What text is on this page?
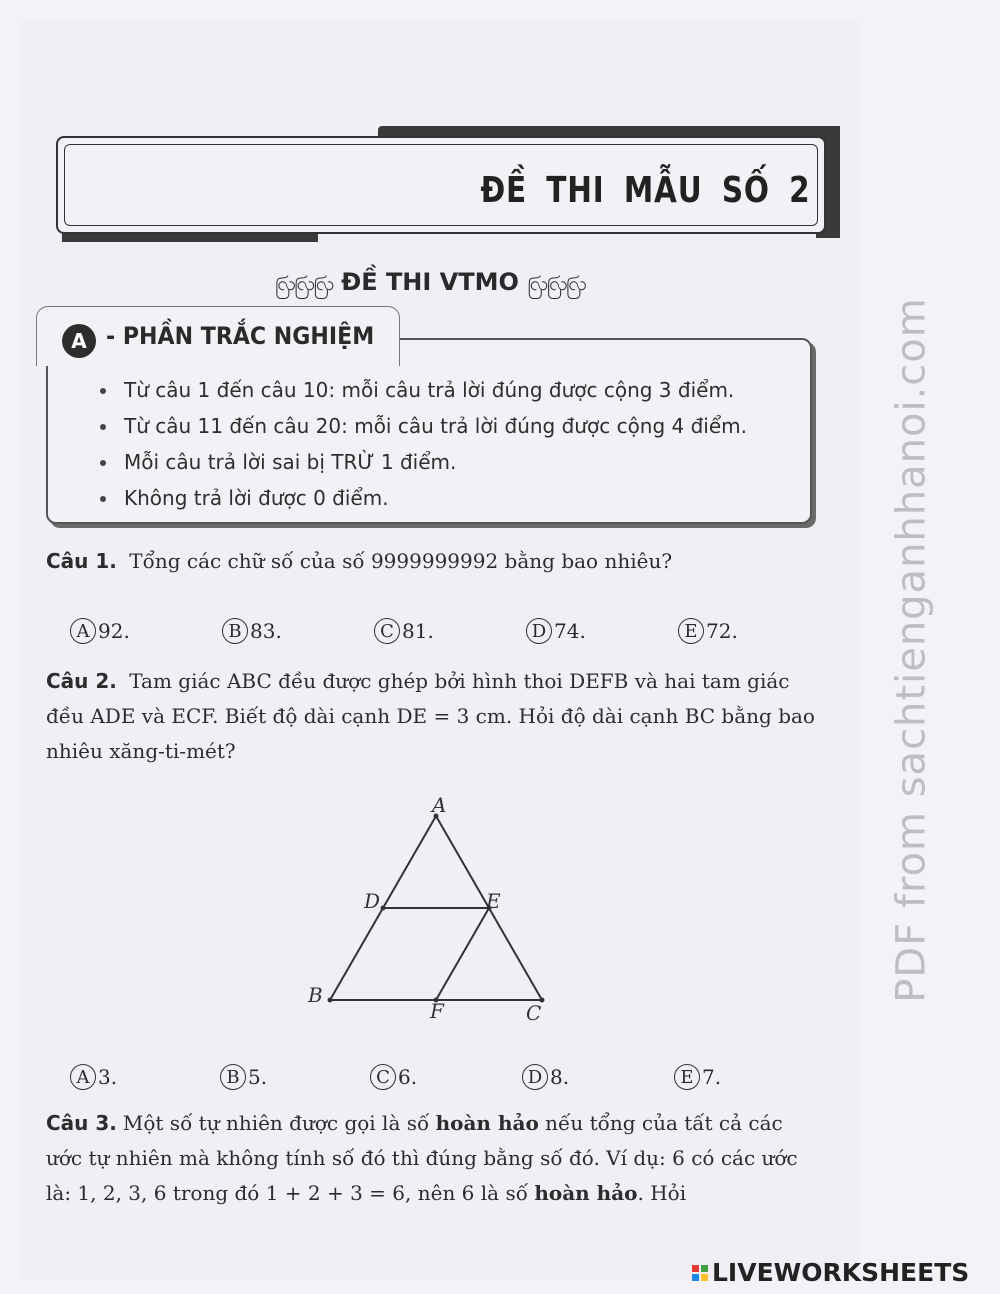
PDF from sachtienganhhanoi.com
ĐỀ THI MẪU SỐ 2
ꩺꩺꩺ ĐỀ THI VTMO ꩺꩺꩺ
A - PHẦN TRẮC NGHIỆM
Từ câu 1 đến câu 10: mỗi câu trả lời đúng được cộng 3 điểm.
Từ câu 11 đến câu 20: mỗi câu trả lời đúng được cộng 4 điểm.
Mỗi câu trả lời sai bị TRỪ 1 điểm.
Không trả lời được 0 điểm.
Câu 1. Tổng các chữ số của số 9999999992 bằng bao nhiêu?
A 92.	B 83.	C 81.	D 74.	E 72.
Câu 2. Tam giác ABC đều được ghép bởi hình thoi DEFB và hai tam giác đều ADE và ECF. Biết độ dài cạnh DE = 3 cm. Hỏi độ dài cạnh BC bằng bao nhiêu xăng-ti-mét?
A
D	E
B
F	C
A 3.	B 5.	C 6.	D 8.	E 7.
Câu 3. Một số tự nhiên được gọi là số hoàn hảo nếu tổng của tất cả các ước tự nhiên mà không tính số đó thì đúng bằng số đó. Ví dụ: 6 có các ước là: 1, 2, 3, 6 trong đó 1 + 2 + 3 = 6, nên 6 là số hoàn hảo. Hỏi
LIVEWORKSHEETS
